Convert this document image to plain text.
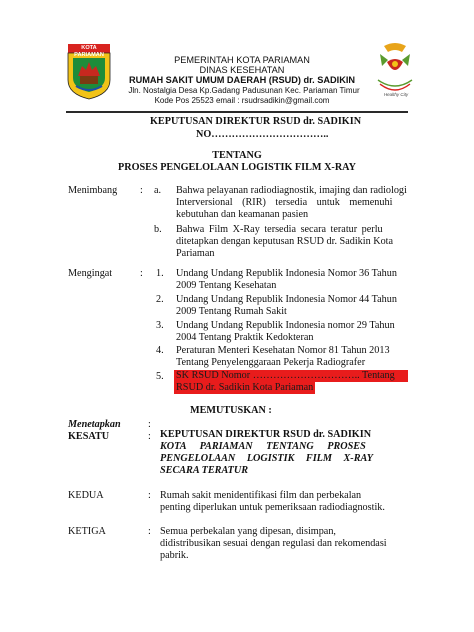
KOTA PARIAMAN	PEMERINTAH KOTA PARIAMAN
DINAS KESEHATAN
RUMAH SAKIT UMUM DAERAH (RSUD) dr. SADIKIN
Jln. Nostalgia Desa Kp.Gadang Padusunan Kec. Pariaman Timur
Kode Pos 25523 email : rsudrsadikin@gmail.com
Healthy City
KEPUTUSAN DIREKTUR RSUD dr. SADIKIN
NO……………………………..
TENTANG
PROSES PENGELOLAAN LOGISTIK FILM X-RAY
Menimbang : a. Bahwa pelayanan radiodiagnostik, imajing dan radiologi
Interversional (RIR) tersedia untuk memenuhi
kebutuhan dan keamanan pasien
b. Bahwa Film X-Ray tersedia secara teratur perlu
ditetapkan dengan keputusan RSUD dr. Sadikin Kota
Pariaman
Mengingat	: 1. Undang Undang Republik Indonesia Nomor 36 Tahun
2009 Tentang Kesehatan
2. Undang Undang Republik Indonesia Nomor 44 Tahun
2009 Tentang Rumah Sakit
3. Undang Undang Republik Indonesia nomor 29 Tahun
2004 Tentang Praktik Kedokteran
4. Peraturan Menteri Kesehatan Nomor 81 Tahun 2013
Tentang Penyelenggaraan Pekerja Radiografer
5. SK RSUD Nomor ………………………….. Tentang
RSUD dr. Sadikin Kota Pariaman
MEMUTUSKAN :
Menetapkan	:
KESATU	: KEPUTUSAN DIREKTUR RSUD dr. SADIKIN
KOTA PARIAMAN TENTANG PROSES
PENGELOLAAN LOGISTIK FILM X-RAY
SECARA TERATUR
KEDUA	: Rumah sakit menidentifikasi film dan perbekalan
penting diperlukan untuk pemeriksaan radiodiagnostik.
KETIGA	: Semua perbekalan yang dipesan, disimpan,
didistribusikan sesuai dengan regulasi dan rekomendasi
pabrik.
